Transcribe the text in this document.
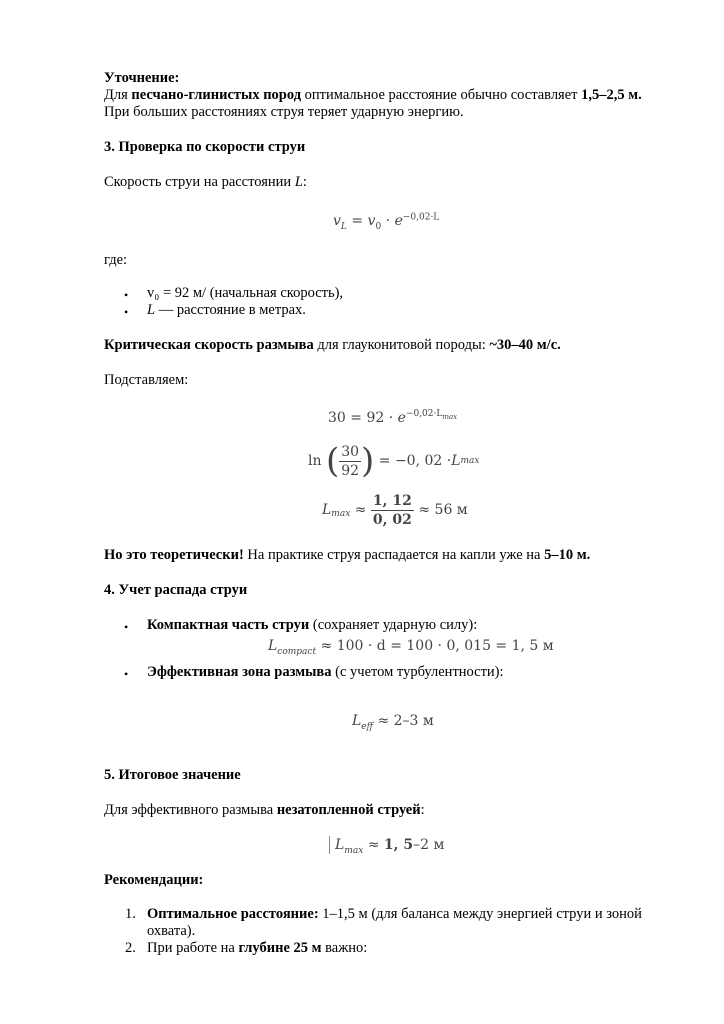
Уточнение:
Для песчано-глинистых пород оптимальное расстояние обычно составляет 1,5–2,5 м.
При больших расстояниях струя теряет ударную энергию.
3. Проверка по скорости струи
Скорость струи на расстоянии L:
$v_L = v_0 \cdot e^{-0,02\cdot L}$
где:
• v₀ = 92 м/ (начальная скорость),
• L — расстояние в метрах.
Критическая скорость размыва для глауконитовой породы: ~30–40 м/с.
Подставляем:
$30 = 92 \cdot e^{-0,02\cdot L_{max}}$
ln
( $\frac{30}{92}$ )
= −0, 02 · L max
$L_{max}$
≈
$\frac{1, 12}{0, 02}$
≈ 56 м
Но это теоретически! На практике струя распадается на капли уже на 5–10 м.
4. Учет распада струи
• Компактная часть струи (сохраняет ударную силу):
$L_{compact} \approx 100 \cdot d = 100 \cdot 0$, 015 = 1, 5 м
• Эффективная зона размыва (с учетом турбулентности):
$L_{eff} \approx 2-3$ м
5. Итоговое значение
Для эффективного размыва незатопленной струей:
$L_{max} \approx 1$, 5–2 м
Рекомендации:
1. Оптимальное расстояние: 1–1,5 м (для баланса между энергией струи и зоной
охвата).
2. При работе на глубине 25 м важно:
